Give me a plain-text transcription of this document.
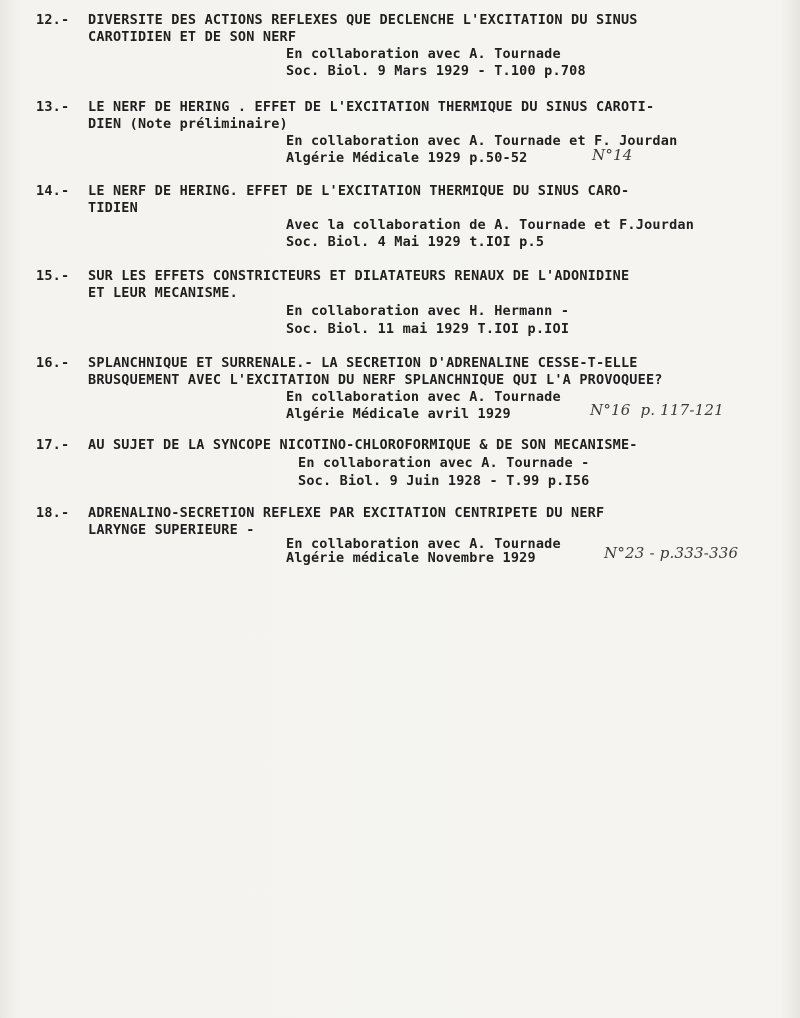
12.- DIVERSITE DES ACTIONS REFLEXES QUE DECLENCHE L'EXCITATION DU SINUS
CAROTIDIEN ET DE SON NERF
En collaboration avec A. Tournade
Soc. Biol. 9 Mars 1929 - T.100 p.708
13.- LE NERF DE HERING . EFFET DE L'EXCITATION THERMIQUE DU SINUS CAROTI-
DIEN (Note préliminaire)
En collaboration avec A. Tournade et F. Jourdan
Algérie Médicale 1929 p.50-52	N°14
14.- LE NERF DE HERING. EFFET DE L'EXCITATION THERMIQUE DU SINUS CARO-
TIDIEN
Avec la collaboration de A. Tournade et F.Jourdan
Soc. Biol. 4 Mai 1929 t.IOI p.5
15.- SUR LES EFFETS CONSTRICTEURS ET DILATATEURS RENAUX DE L'ADONIDINE
ET LEUR MECANISME.
En collaboration avec H. Hermann -
Soc. Biol. 11 mai 1929 T.IOI p.IOI
16.- SPLANCHNIQUE ET SURRENALE.- LA SECRETION D'ADRENALINE CESSE-T-ELLE
BRUSQUEMENT AVEC L'EXCITATION DU NERF SPLANCHNIQUE QUI L'A PROVOQUEE?
En collaboration avec A. Tournade
Algérie Médicale avril 1929	N°16  p. 117-121
17.- AU SUJET DE LA SYNCOPE NICOTINO-CHLOROFORMIQUE & DE SON MECANISME-
En collaboration avec A. Tournade -
Soc. Biol. 9 Juin 1928 - T.99 p.I56
18.- ADRENALINO-SECRETION REFLEXE PAR EXCITATION CENTRIPETE DU NERF
LARYNGE SUPERIEURE -
En collaboration avec A. Tournade
Algérie médicale Novembre 1929	N°23 - p.333-336
